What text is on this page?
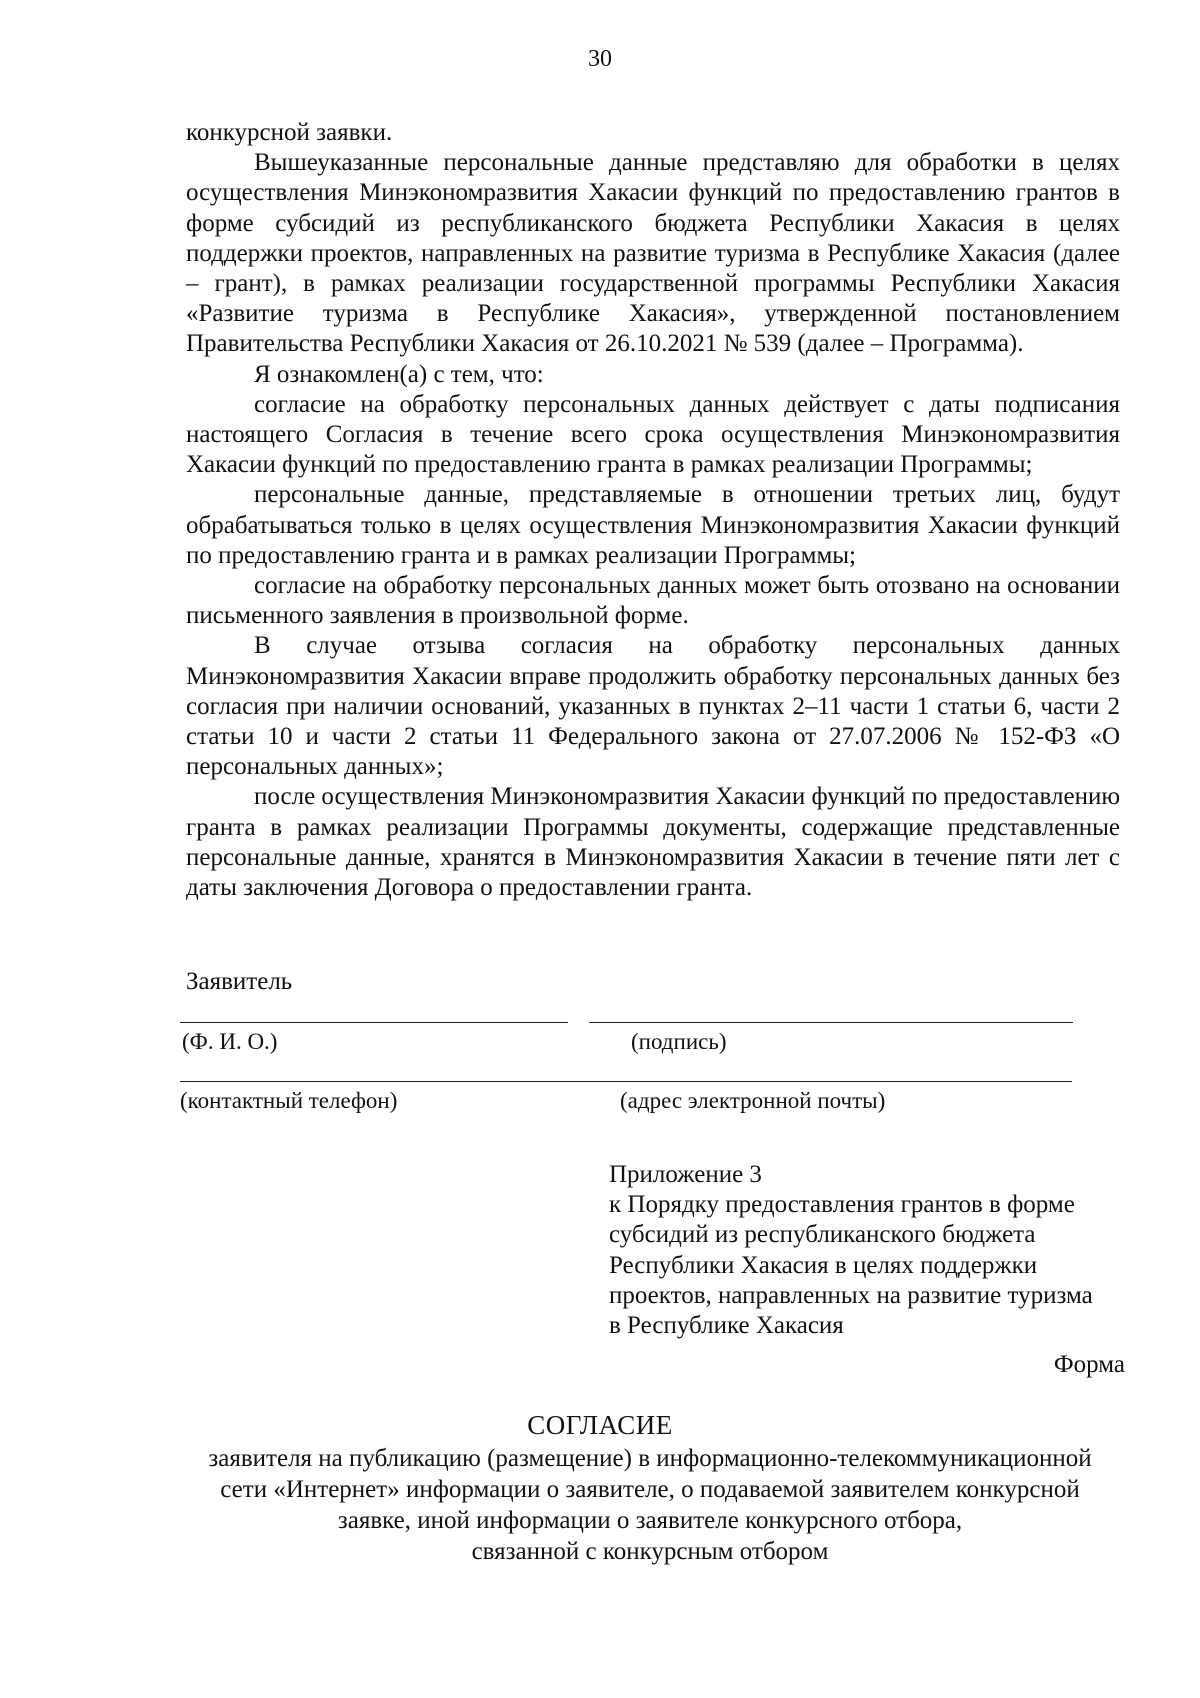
30

конкурсной заявки.

Вышеуказанные персональные данные представляю для обработки в целях осуществления Минэкономразвития Хакасии функций по предоставлению грантов в форме субсидий из республиканского бюджета Республики Хакасия в целях поддержки проектов, направленных на развитие туризма в Республике Хакасия (далее – грант), в рамках реализации государственной программы Республики Хакасия «Развитие туризма в Республике Хакасия», утвержденной постановлением Правительства Республики Хакасия от 26.10.2021 № 539 (далее – Программа).

Я ознакомлен(а) с тем, что:

согласие на обработку персональных данных действует с даты подписания настоящего Согласия в течение всего срока осуществления Минэкономразвития Хакасии функций по предоставлению гранта в рамках реализации Программы;

персональные данные, представляемые в отношении третьих лиц, будут обрабатываться только в целях осуществления Минэкономразвития Хакасии функций по предоставлению гранта и в рамках реализации Программы;

согласие на обработку персональных данных может быть отозвано на основании письменного заявления в произвольной форме.

В случае отзыва согласия на обработку персональных данных Минэкономразвития Хакасии вправе продолжить обработку персональных данных без согласия при наличии оснований, указанных в пунктах 2–11 части 1 статьи 6, части 2 статьи 10 и части 2 статьи 11 Федерального закона от 27.07.2006 № 152-ФЗ «О персональных данных»;

после осуществления Минэкономразвития Хакасии функций по предоставлению гранта в рамках реализации Программы документы, содержащие представленные персональные данные, хранятся в Минэкономразвития Хакасии в течение пяти лет с даты заключения Договора о предоставлении гранта.

Заявитель
(Ф. И. О.)	(подпись)
(контактный телефон)	(адрес электронной почты)
Приложение 3
к Порядку предоставления грантов в форме
субсидий из республиканского бюджета
Республики Хакасия в целях поддержки
проектов, направленных на развитие туризма
в Республике Хакасия
Форма
СОГЛАСИЕ
заявителя на публикацию (размещение) в информационно-телекоммуникационной
сети «Интернет» информации о заявителе, о подаваемой заявителем конкурсной
заявке, иной информации о заявителе конкурсного отбора,
связанной с конкурсным отбором
